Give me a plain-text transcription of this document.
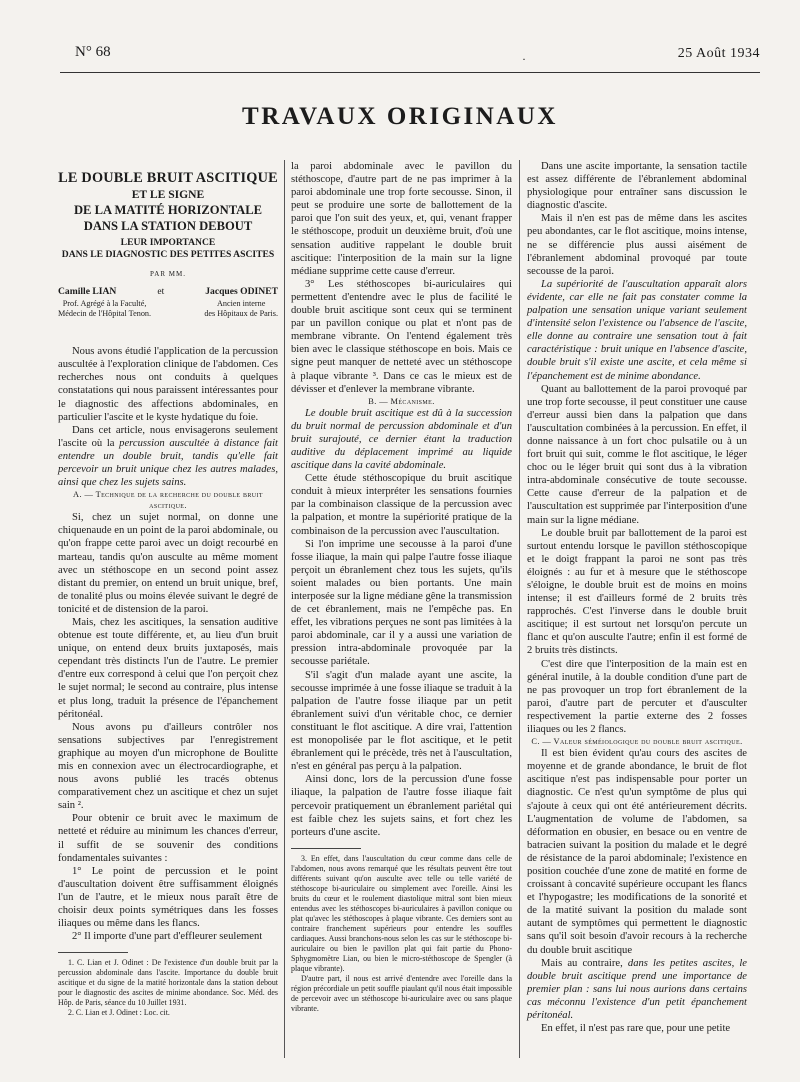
N° 68	·	25 Août 1934
TRAVAUX ORIGINAUX
LE DOUBLE BRUIT ASCITIQUE
ET LE SIGNE
DE LA MATITÉ HORIZONTALE
DANS LA STATION DEBOUT
LEUR IMPORTANCE
DANS LE DIAGNOSTIC DES PETITES ASCITES
PAR MM.
Camille LIAN	et	Jacques ODINET
Prof. Agrégé à la Faculté,
Médecin de l'Hôpital Tenon.
Ancien interne
des Hôpitaux de Paris.

Nous avons étudié l'application de la percussion auscultée à l'exploration clinique de l'abdomen. Ces recherches nous ont conduits à quelques constatations qui nous paraissent intéressantes pour le diagnostic des affections abdominales, en particulier l'ascite et le kyste hydatique du foie.

Dans cet article, nous envisagerons seulement l'ascite où la percussion auscultée à distance fait entendre un double bruit, tandis qu'elle fait percevoir un bruit unique chez les autres malades, ainsi que chez les sujets sains.

A. — Technique de la recherche du double bruit ascitique.

Si, chez un sujet normal, on donne une chiquenaude en un point de la paroi abdominale, ou qu'on frappe cette paroi avec un doigt recourbé en marteau, tandis qu'on ausculte au même moment avec un stéthoscope en un second point assez distant du premier, on entend un bruit unique, bref, de tonalité plus ou moins élevée suivant le degré de tonicité et de distension de la paroi.

Mais, chez les ascitiques, la sensation auditive obtenue est toute différente, et, au lieu d'un bruit unique, on entend deux bruits juxtaposés, mais cependant très distincts l'un de l'autre. Le premier d'entre eux correspond à celui que l'on perçoit chez le sujet normal; le second au contraire, plus intense et plus long, traduit la présence de l'épanchement péritonéal.

Nous avons pu d'ailleurs contrôler nos sensations subjectives par l'enregistrement graphique au moyen d'un microphone de Boulitte mis en connexion avec un électrocardiographe, et nous avons publié les tracés obtenus comparativement chez un ascitique et chez un sujet sain ².

Pour obtenir ce bruit avec le maximum de netteté et réduire au minimum les chances d'erreur, il suffit de se souvenir des conditions fondamentales suivantes :

1° Le point de percussion et le point d'auscultation doivent être suffisamment éloignés l'un de l'autre, et le mieux nous paraît être de choisir deux points symétriques dans les fosses iliaques ou même dans les flancs.

2° Il importe d'une part d'effleurer seulement

1. C. Lian et J. Odinet : De l'existence d'un double bruit par la percussion abdominale dans l'ascite. Importance du double bruit ascitique et du signe de la matité horizontale dans la station debout pour le diagnostic des ascites de minime abondance. Soc. Méd. des Hôp. de Paris, séance du 10 Juillet 1931.

2. C. Lian et J. Odinet : Loc. cit.

la paroi abdominale avec le pavillon du stéthoscope, d'autre part de ne pas imprimer à la paroi abdominale une trop forte secousse. Sinon, il peut se produire une sorte de ballottement de la paroi que l'on suit des yeux, et, qui, venant frapper le stéthoscope, produit un deuxième bruit, d'où une sensation auditive rappelant le double bruit ascitique: l'interposition de la main sur la ligne médiane supprime cette cause d'erreur.

3° Les stéthoscopes bi-auriculaires qui permettent d'entendre avec le plus de facilité le double bruit ascitique sont ceux qui se terminent par un pavillon conique ou plat et n'ont pas de membrane vibrante. On l'entend également très bien avec le classique stéthoscope en bois. Mais ce signe peut manquer de netteté avec un stéthoscope à plaque vibrante ³. Dans ce cas le mieux est de dévisser et d'enlever la membrane vibrante.

B. — Mécanisme.

Le double bruit ascitique est dû à la succession du bruit normal de percussion abdominale et d'un bruit surajouté, ce dernier étant la traduction auditive du déplacement imprimé au liquide ascitique dans la cavité abdominale.

Cette étude stéthoscopique du bruit ascitique conduit à mieux interpréter les sensations fournies par la combinaison classique de la percussion avec la palpation, et montre la supériorité pratique de la combinaison de la percussion avec l'auscultation.

Si l'on imprime une secousse à la paroi d'une fosse iliaque, la main qui palpe l'autre fosse iliaque perçoit un ébranlement chez tous les sujets, qu'ils soient malades ou bien portants. Une main interposée sur la ligne médiane gêne la transmission de cet ébranlement, mais ne l'empêche pas. En effet, les vibrations perçues ne sont pas limitées à la paroi abdominale, car il y a aussi une variation de pression intra-abdominale provoquée par la secousse pariétale.

S'il s'agit d'un malade ayant une ascite, la secousse imprimée à une fosse iliaque se traduit à la palpation de l'autre fosse iliaque par un petit ébranlement suivi d'un véritable choc, ce dernier constituant le flot ascitique. A dire vrai, l'attention est monopolisée par le flot ascitique, et le petit ébranlement qui le précède, très net à l'auscultation, n'est en général pas perçu à la palpation.

Ainsi donc, lors de la percussion d'une fosse iliaque, la palpation de l'autre fosse iliaque fait percevoir pratiquement un ébranlement pariétal qui est faible chez les sujets sains, et fort chez les porteurs d'une ascite.

3. En effet, dans l'auscultation du cœur comme dans celle de l'abdomen, nous avons remarqué que les résultats peuvent être tout différents suivant qu'on ausculte avec telle ou telle variété de stéthoscope bi-auriculaire ou simplement avec l'oreille. Ainsi les bruits du cœur et le roulement diastolique mitral sont bien mieux entendus avec les stéthoscopes bi-auriculaires à pavillon conique ou plat qu'avec les stéthoscopes à plaque vibrante. Ces derniers sont au contraire franchement supérieurs pour entendre les souffles cardiaques. Aussi branchons-nous selon les cas sur le stéthoscope bi-auriculaire ou bien le pavillon plat qui fait partie du Phono-Sphygmomètre Lian, ou bien le micro-stéthoscope de Spengler (à plaque vibrante).

D'autre part, il nous est arrivé d'entendre avec l'oreille dans la région précordiale un petit souffle piaulant qu'il nous était impossible de percevoir avec un stéthoscope bi-auriculaire avec ou sans plaque vibrante.

Dans une ascite importante, la sensation tactile est assez différente de l'ébranlement abdominal physiologique pour entraîner sans discussion le diagnostic d'ascite.

Mais il n'en est pas de même dans les ascites peu abondantes, car le flot ascitique, moins intense, ne se différencie plus aussi aisément de l'ébranlement abdominal provoqué par toute secousse de la paroi.

La supériorité de l'auscultation apparaît alors évidente, car elle ne fait pas constater comme la palpation une sensation unique variant seulement d'intensité selon l'existence ou l'absence de l'ascite, elle donne au contraire une sensation tout à fait caractéristique : bruit unique en l'absence d'ascite, double bruit s'il existe une ascite, et cela même si l'épanchement est de minime abondance.

Quant au ballottement de la paroi provoqué par une trop forte secousse, il peut constituer une cause d'erreur aussi bien dans la palpation que dans l'auscultation combinées à la percussion. En effet, il donne naissance à un fort choc pulsatile ou à un fort bruit qui suit, comme le flot ascitique, le léger choc ou le léger bruit qui sont dus à la vibration intra-abdominale consécutive de toute secousse. Cette cause d'erreur de la palpation et de l'auscultation est supprimée par l'interposition d'une main sur la ligne médiane.

Le double bruit par ballottement de la paroi est surtout entendu lorsque le pavillon stéthoscopique et le doigt frappant la paroi ne sont pas très éloignés : au fur et à mesure que le stéthoscope s'éloigne, le double bruit est de moins en moins intense; il est d'ailleurs formé de 2 bruits très rapprochés. C'est l'inverse dans le double bruit ascitique; il est surtout net lorsqu'on percute un flanc et qu'on ausculte l'autre; enfin il est formé de 2 bruits très distincts.

C'est dire que l'interposition de la main est en général inutile, à la double condition d'une part de ne pas provoquer un trop fort ébranlement de la paroi, d'autre part de percuter et d'ausculter respectivement la partie externe des 2 fosses iliaques ou les 2 flancs.

C. — Valeur séméiologique du double bruit ascitique.

Il est bien évident qu'au cours des ascites de moyenne et de grande abondance, le bruit de flot ascitique n'est pas indispensable pour porter un diagnostic. Ce n'est qu'un symptôme de plus qui s'ajoute à ceux qui ont été antérieurement décrits. L'augmentation de volume de l'abdomen, sa déformation en obusier, en besace ou en ventre de batracien suivant la position du malade et le degré de résistance de la paroi abdominale; l'existence en position couchée d'une zone de matité en forme de croissant à concavité supérieure occupant les flancs et l'hypogastre; les modifications de la sonorité et de la matité suivant la position du malade sont autant de symptômes qui permettent le diagnostic sans qu'il soit besoin d'avoir recours à la recherche du double bruit ascitique

Mais au contraire, dans les petites ascites, le double bruit ascitique prend une importance de premier plan : sans lui nous aurions dans certains cas méconnu l'existence d'un petit épanchement péritonéal.

En effet, il n'est pas rare que, pour une petite
